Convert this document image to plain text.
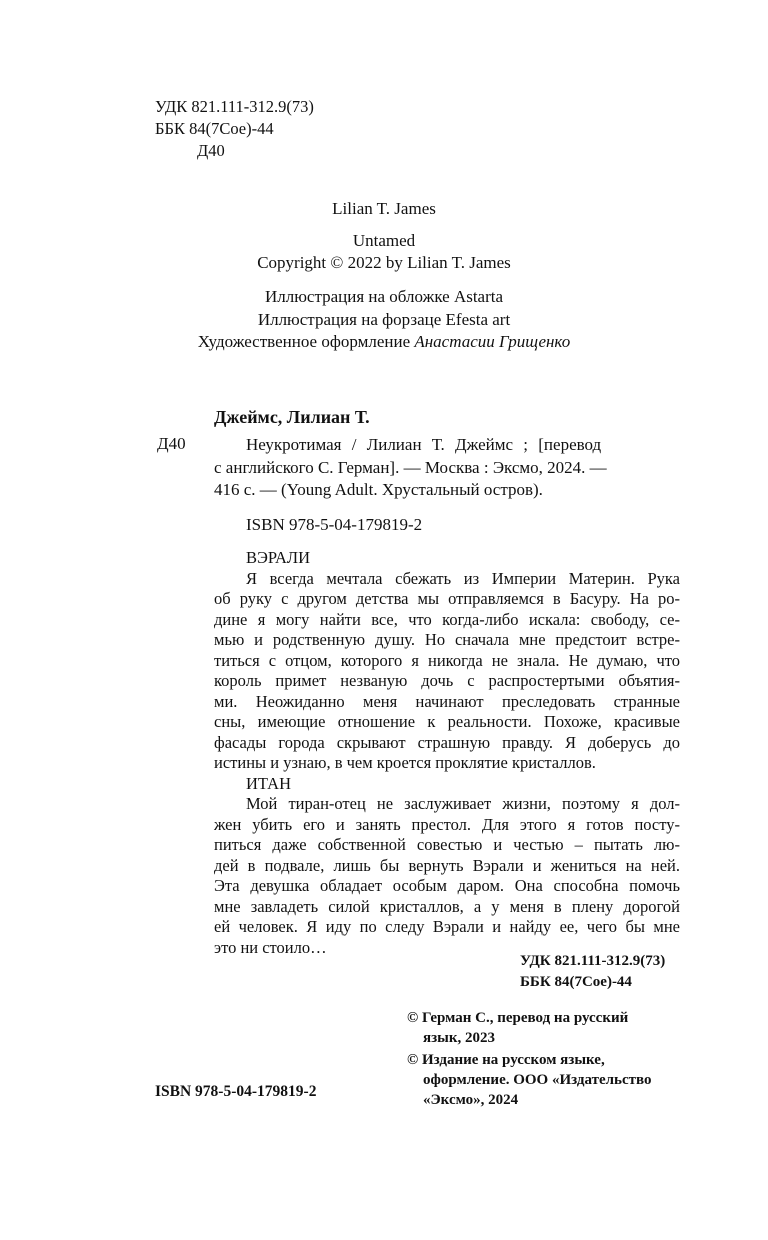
УДК 821.111-312.9(73)
ББК 84(7Сое)-44
Д40
Lilian T. James
Untamed
Copyright © 2022 by Lilian T. James
Иллюстрация на обложке Astarta
Иллюстрация на форзаце Efesta art
Художественное оформление Анастасии Грищенко
Джеймс, Лилиан Т.
Д40	Неукротимая / Лилиан Т. Джеймс ; [перевод
с английского С. Герман]. — Москва : Эксмо, 2024. —
416 с. — (Young Adult. Хрустальный остров).
ISBN 978-5-04-179819-2
ВЭРАЛИ
Я всегда мечтала сбежать из Империи Материн. Рука
об руку с другом детства мы отправляемся в Басуру. На ро-
дине я могу найти все, что когда-либо искала: свободу, се-
мью и родственную душу. Но сначала мне предстоит встре-
титься с отцом, которого я никогда не знала. Не думаю, что
король примет незваную дочь с распростертыми объятия-
ми. Неожиданно меня начинают преследовать странные
сны, имеющие отношение к реальности. Похоже, красивые
фасады города скрывают страшную правду. Я доберусь до
истины и узнаю, в чем кроется проклятие кристаллов.
ИТАН
Мой тиран-отец не заслуживает жизни, поэтому я дол-
жен убить его и занять престол. Для этого я готов посту-
питься даже собственной совестью и честью – пытать лю-
дей в подвале, лишь бы вернуть Вэрали и жениться на ней.
Эта девушка обладает особым даром. Она способна помочь
мне завладеть силой кристаллов, а у меня в плену дорогой
ей человек. Я иду по следу Вэрали и найду ее, чего бы мне
это ни стоило…
УДК 821.111-312.9(73)
ББК 84(7Сое)-44
© Герман С., перевод на русский
язык, 2023
© Издание на русском языке,
оформление. ООО «Издательство
«Эксмо», 2024
ISBN 978-5-04-179819-2
